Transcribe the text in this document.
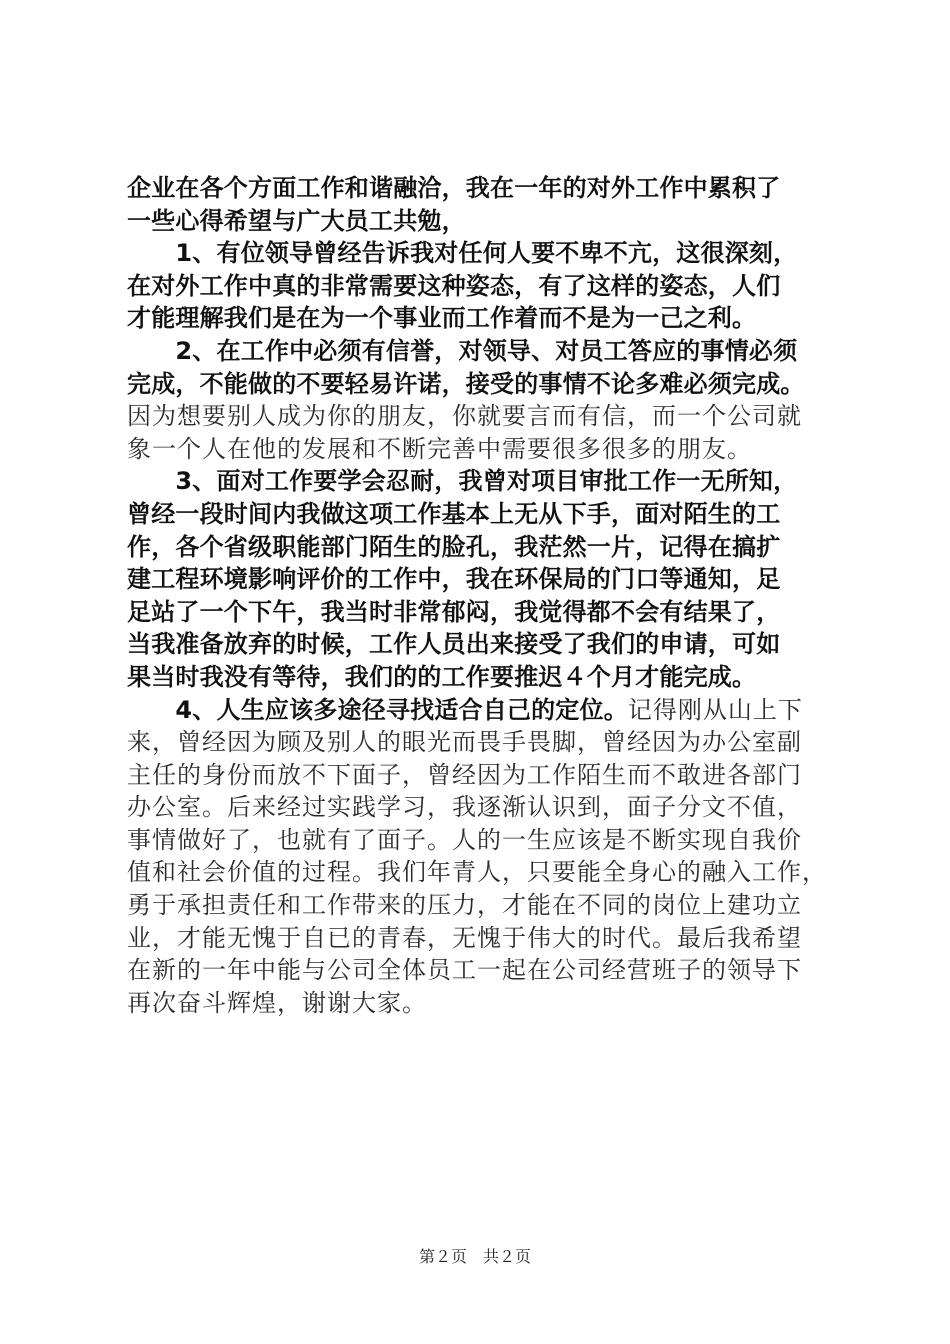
企业在各个方面工作和谐融洽，我在一年的对外工作中累积了
一些心得希望与广大员工共勉，
　　1、有位领导曾经告诉我对任何人要不卑不亢，这很深刻，
在对外工作中真的非常需要这种姿态，有了这样的姿态，人们
才能理解我们是在为一个事业而工作着而不是为一己之利。
　　2、在工作中必须有信誉，对领导、对员工答应的事情必须
完成，不能做的不要轻易许诺，接受的事情不论多难必须完成。
因为想要别人成为你的朋友，你就要言而有信，而一个公司就
象一个人在他的发展和不断完善中需要很多很多的朋友。
　　3、面对工作要学会忍耐，我曾对项目审批工作一无所知，
曾经一段时间内我做这项工作基本上无从下手，面对陌生的工
作，各个省级职能部门陌生的脸孔，我茫然一片，记得在搞扩
建工程环境影响评价的工作中，我在环保局的门口等通知，足
足站了一个下午，我当时非常郁闷，我觉得都不会有结果了，
当我准备放弃的时候，工作人员出来接受了我们的申请，可如
果当时我没有等待，我们的的工作要推迟４个月才能完成。
　　4、人生应该多途径寻找适合自己的定位。记得刚从山上下
来，曾经因为顾及别人的眼光而畏手畏脚，曾经因为办公室副
主任的身份而放不下面子，曾经因为工作陌生而不敢进各部门
办公室。后来经过实践学习，我逐渐认识到，面子分文不值，
事情做好了，也就有了面子。人的一生应该是不断实现自我价
值和社会价值的过程。我们年青人，只要能全身心的融入工作，
勇于承担责任和工作带来的压力，才能在不同的岗位上建功立
业，才能无愧于自已的青春，无愧于伟大的时代。最后我希望
在新的一年中能与公司全体员工一起在公司经营班子的领导下
再次奋斗辉煌，谢谢大家。
第２页　共２页
